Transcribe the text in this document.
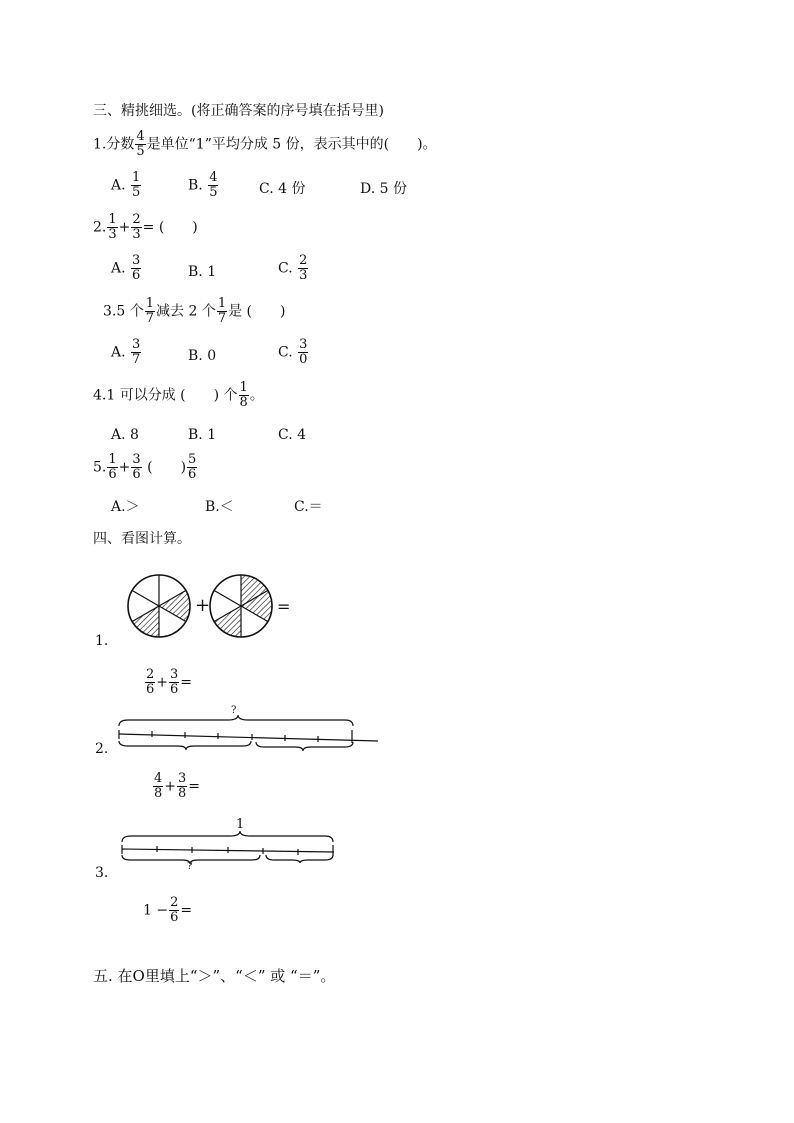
三、精挑细选。(将正确答案的序号填在括号里)
1.分数 $\frac{4}{5}$ 是单位“1”平均分成 5 份，表示其中的(　　)。
A. $\frac{1}{5}$	B. $\frac{4}{5}$	C. 4 份	D. 5 份
2. $\frac{1}{3} + \frac{2}{3}$ = (　　)
A. $\frac{3}{6}$	B. 1	C. $\frac{2}{3}$
3.5 个 $\frac{1}{7}$ 减去 2 个 $\frac{1}{7}$ 是 (　　)
A. $\frac{3}{7}$	B. 0	C. $\frac{3}{0}$
4.1 可以分成 (　　) 个 $\frac{1}{8}$ 。
A. 8	B. 1	C. 4
5. $\frac{1}{6} + \frac{3}{6}$ (　　) $\frac{5}{6}$
A.＞	B.＜	C.＝
四、看图计算。
+	=
1.
$\frac{2}{6} + \frac{3}{6}$ =
?
2.
$\frac{4}{8} + \frac{3}{8}$ =
1
?
3.
$1 - \frac{2}{6}$ =
五. 在O里填上“＞”、“＜” 或 “＝”。
